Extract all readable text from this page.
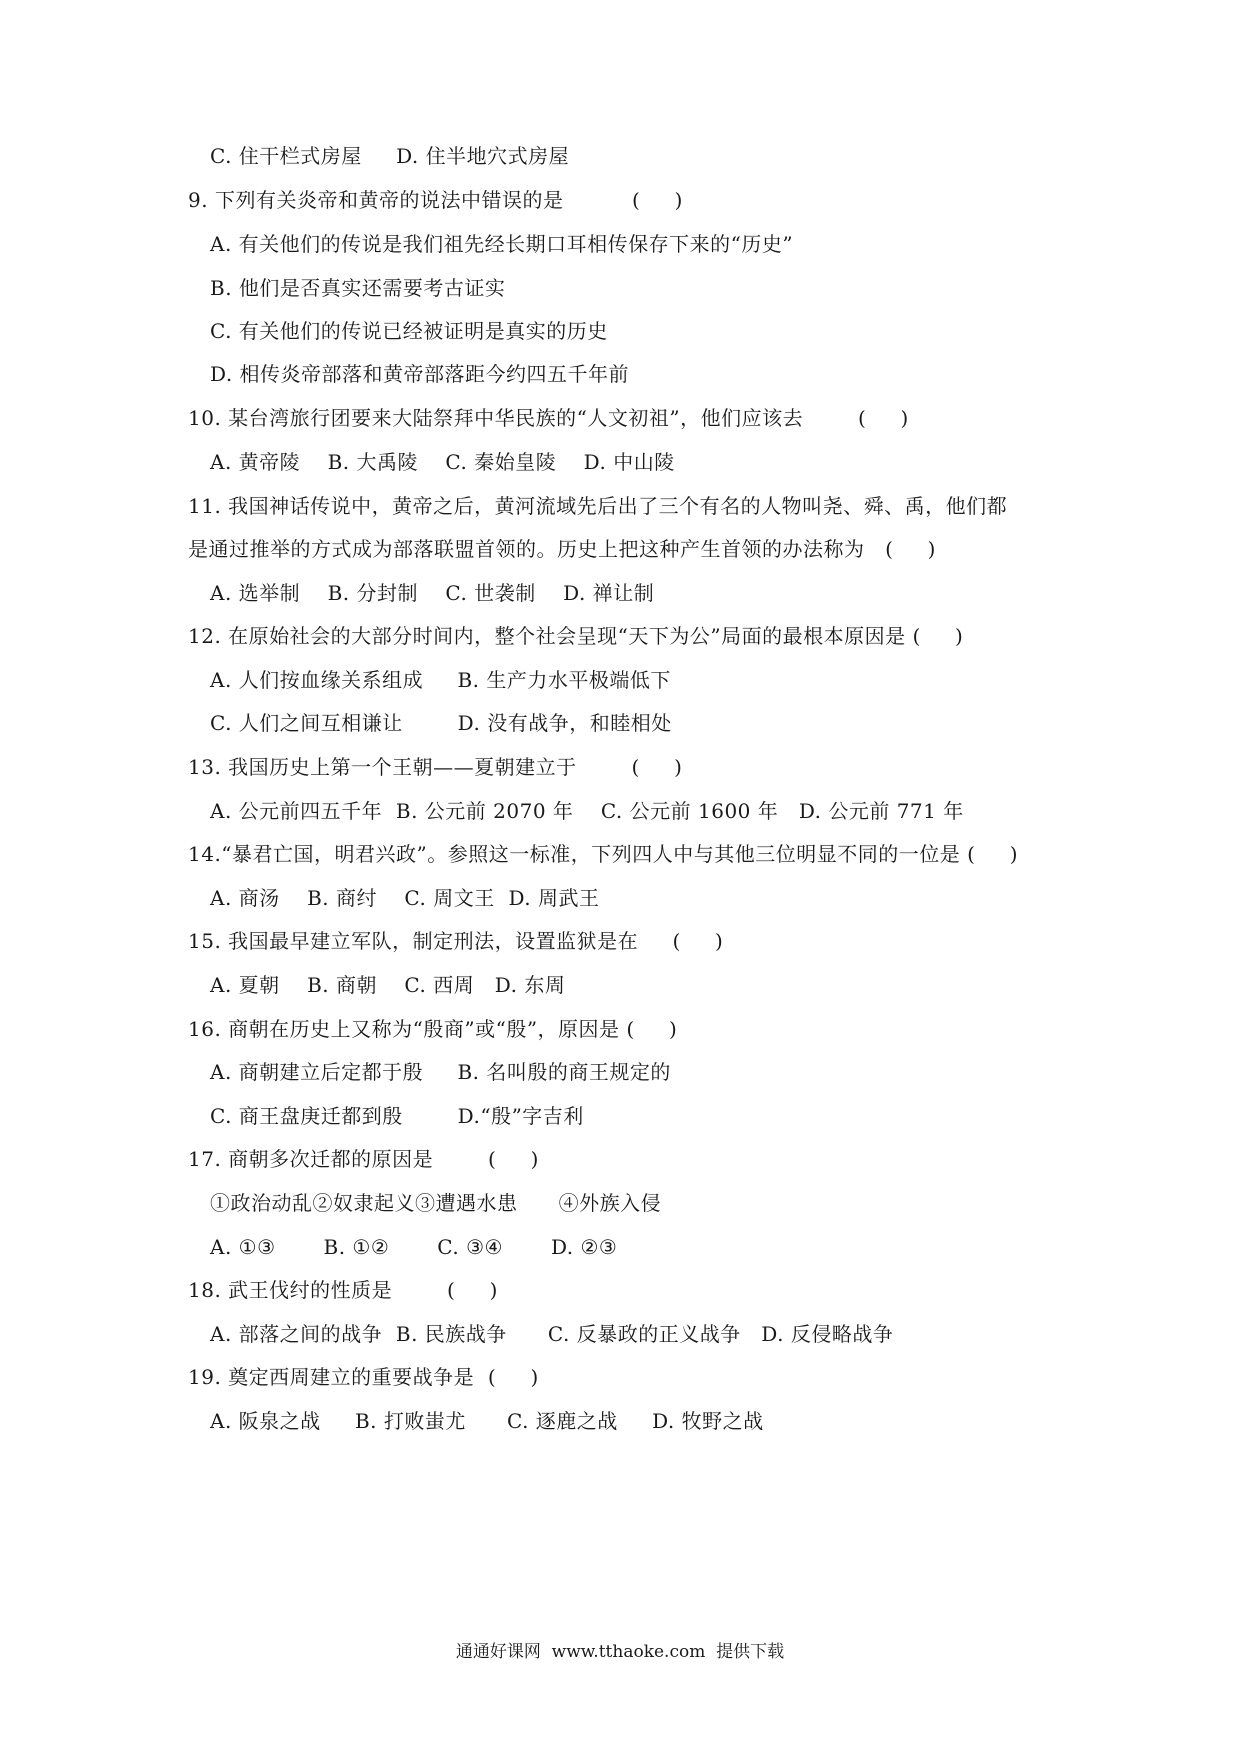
C. 住干栏式房屋     D. 住半地穴式房屋
9. 下列有关炎帝和黄帝的说法中错误的是          (     )
A. 有关他们的传说是我们祖先经长期口耳相传保存下来的“历史”
B. 他们是否真实还需要考古证实
C. 有关他们的传说已经被证明是真实的历史
D. 相传炎帝部落和黄帝部落距今约四五千年前
10. 某台湾旅行团要来大陆祭拜中华民族的“人文初祖”，他们应该去        (     )
A. 黄帝陵    B. 大禹陵    C. 秦始皇陵    D. 中山陵
11. 我国神话传说中，黄帝之后，黄河流域先后出了三个有名的人物叫尧、舜、禹，他们都
是通过推举的方式成为部落联盟首领的。历史上把这种产生首领的办法称为   (     )
A. 选举制    B. 分封制    C. 世袭制    D. 禅让制
12. 在原始社会的大部分时间内，整个社会呈现“天下为公”局面的最根本原因是 (     )
A. 人们按血缘关系组成     B. 生产力水平极端低下
C. 人们之间互相谦让        D. 没有战争，和睦相处
13. 我国历史上第一个王朝——夏朝建立于        (     )
A. 公元前四五千年  B. 公元前 2070 年    C. 公元前 1600 年   D. 公元前 771 年
14.“暴君亡国，明君兴政”。参照这一标准，下列四人中与其他三位明显不同的一位是 (     )
A. 商汤    B. 商纣    C. 周文王  D. 周武王
15. 我国最早建立军队，制定刑法，设置监狱是在     (     )
A. 夏朝    B. 商朝    C. 西周   D. 东周
16. 商朝在历史上又称为“殷商”或“殷”，原因是 (     )
A. 商朝建立后定都于殷     B. 名叫殷的商王规定的
C. 商王盘庚迁都到殷        D.“殷”字吉利
17. 商朝多次迁都的原因是        (     )
①政治动乱②奴隶起义③遭遇水患      ④外族入侵
A. ①③       B. ①②       C. ③④       D. ②③
18. 武王伐纣的性质是        (     )
A. 部落之间的战争  B. 民族战争      C. 反暴政的正义战争   D. 反侵略战争
19. 奠定西周建立的重要战争是  (     )
A. 阪泉之战     B. 打败蚩尤      C. 逐鹿之战     D. 牧野之战
通通好课网  www.tthaoke.com  提供下载
